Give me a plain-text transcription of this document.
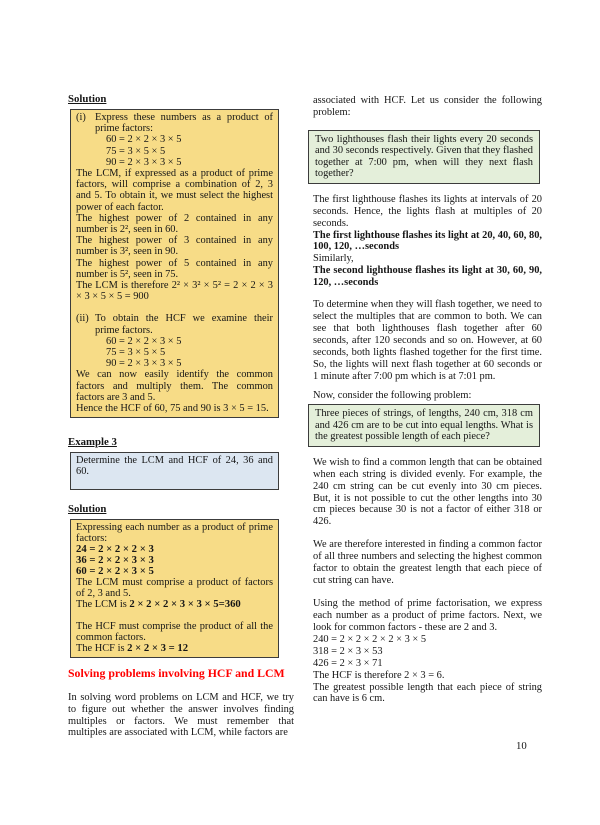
Solution
(i) Express these numbers as a product of prime factors:
60 = 2 × 2 × 3 × 5
75 = 3 × 5 × 5
90 = 2 × 3 × 3 × 5
The LCM, if expressed as a product of prime factors, will comprise a combination of 2, 3 and 5. To obtain it, we must select the highest power of each factor.
The highest power of 2 contained in any number is 2², seen in 60.
The highest power of 3 contained in any number is 3², seen in 90.
The highest power of 5 contained in any number is 5², seen in 75.
The LCM is therefore 2² × 3² × 5² = 2 × 2 × 3 × 3 × 5 × 5 = 900
(ii) To obtain the HCF we examine their prime factors.
60 = 2 × 2 × 3 × 5
75 = 3 × 5 × 5
90 = 2 × 3 × 3 × 5
We can now easily identify the common factors and multiply them. The common factors are 3 and 5.
Hence the HCF of 60, 75 and 90 is 3 × 5 = 15.
Example 3
Determine the LCM and HCF of 24, 36 and 60.
Solution
Expressing each number as a product of prime factors:
24 = 2 × 2 × 2 × 3
36 = 2 × 2 × 3 × 3
60 = 2 × 2 × 3 × 5
The LCM must comprise a product of factors of 2, 3 and 5.
The LCM is 2 × 2 × 2 × 3 × 3 × 5=360
The HCF must comprise the product of all the common factors.
The HCF is 2 × 2 × 3 = 12
Solving problems involving HCF and LCM
In solving word problems on LCM and HCF, we try to figure out whether the answer involves finding multiples or factors. We must remember that multiples are associated with LCM, while factors are
associated with HCF. Let us consider the following problem:
Two lighthouses flash their lights every 20 seconds and 30 seconds respectively. Given that they flashed together at 7:00 pm, when will they next flash together?
The first lighthouse flashes its lights at intervals of 20 seconds. Hence, the lights flash at multiples of 20 seconds.
The first lighthouse flashes its light at 20, 40, 60, 80, 100, 120, …seconds
Similarly,
The second lighthouse flashes its light at 30, 60, 90, 120, …seconds
To determine when they will flash together, we need to select the multiples that are common to both. We can see that both lighthouses flash together after 60 seconds, after 120 seconds and so on. However, at 60 seconds, both lights flashed together for the first time. So, the lights will next flash together at 60 seconds or 1 minute after 7:00 pm which is at 7:01 pm.
Now, consider the following problem:
Three pieces of strings, of lengths, 240 cm, 318 cm and 426 cm are to be cut into equal lengths. What is the greatest possible length of each piece?
We wish to find a common length that can be obtained when each string is divided evenly. For example, the 240 cm string can be cut evenly into 30 cm pieces. But, it is not possible to cut the other lengths into 30 cm pieces because 30 is not a factor of either 318 or 426.
We are therefore interested in finding a common factor of all three numbers and selecting the highest common factor to obtain the greatest length that each piece of cut string can have.
Using the method of prime factorisation, we express each number as a product of prime factors. Next, we look for common factors - these are 2 and 3.
240 = 2 × 2 × 2 × 2 × 3 × 5
318 = 2 × 3 × 53
426 = 2 × 3 × 71
The HCF is therefore 2 × 3 = 6.
The greatest possible length that each piece of string can have is 6 cm.
10
